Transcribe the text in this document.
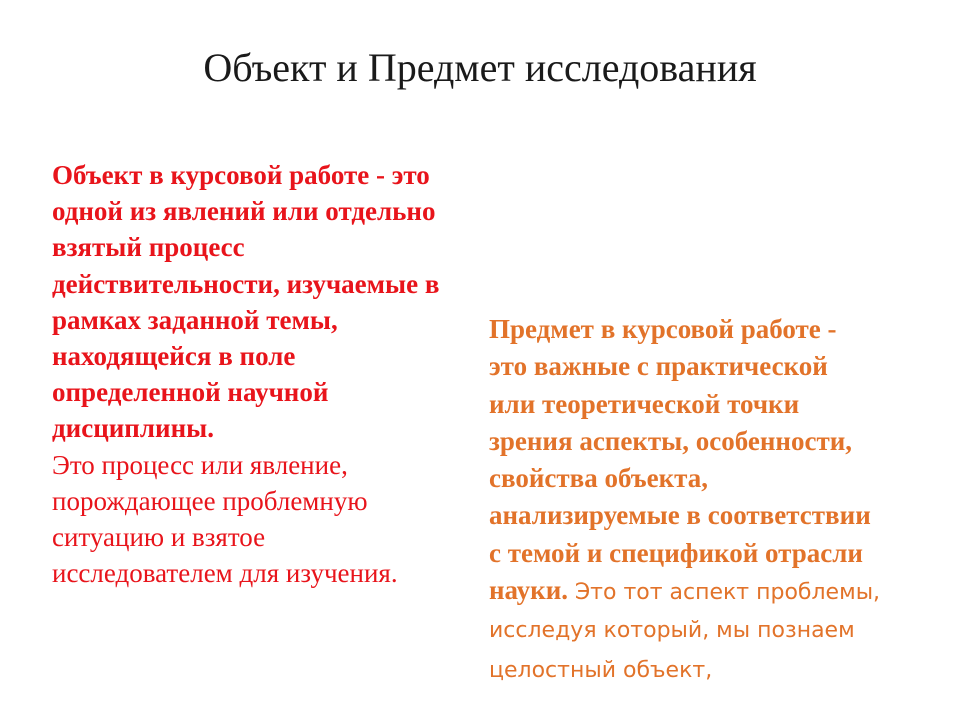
Объект и Предмет исследования

Объект в курсовой работе - это
одной из явлений или отдельно
взятый процесс
действительности, изучаемые в
рамках заданной темы,
находящейся в поле
определенной научной
дисциплины.

Это процесс или явление,
порождающее проблемную
ситуацию и взятое
исследователем для изучения.

Предмет в курсовой работе -
это важные с практической
или теоретической точки
зрения аспекты, особенности,
свойства объекта,
анализируемые в соответствии
с темой и спецификой отрасли
науки. Это тот аспект проблемы,
исследуя который, мы познаем
целостный объект,
